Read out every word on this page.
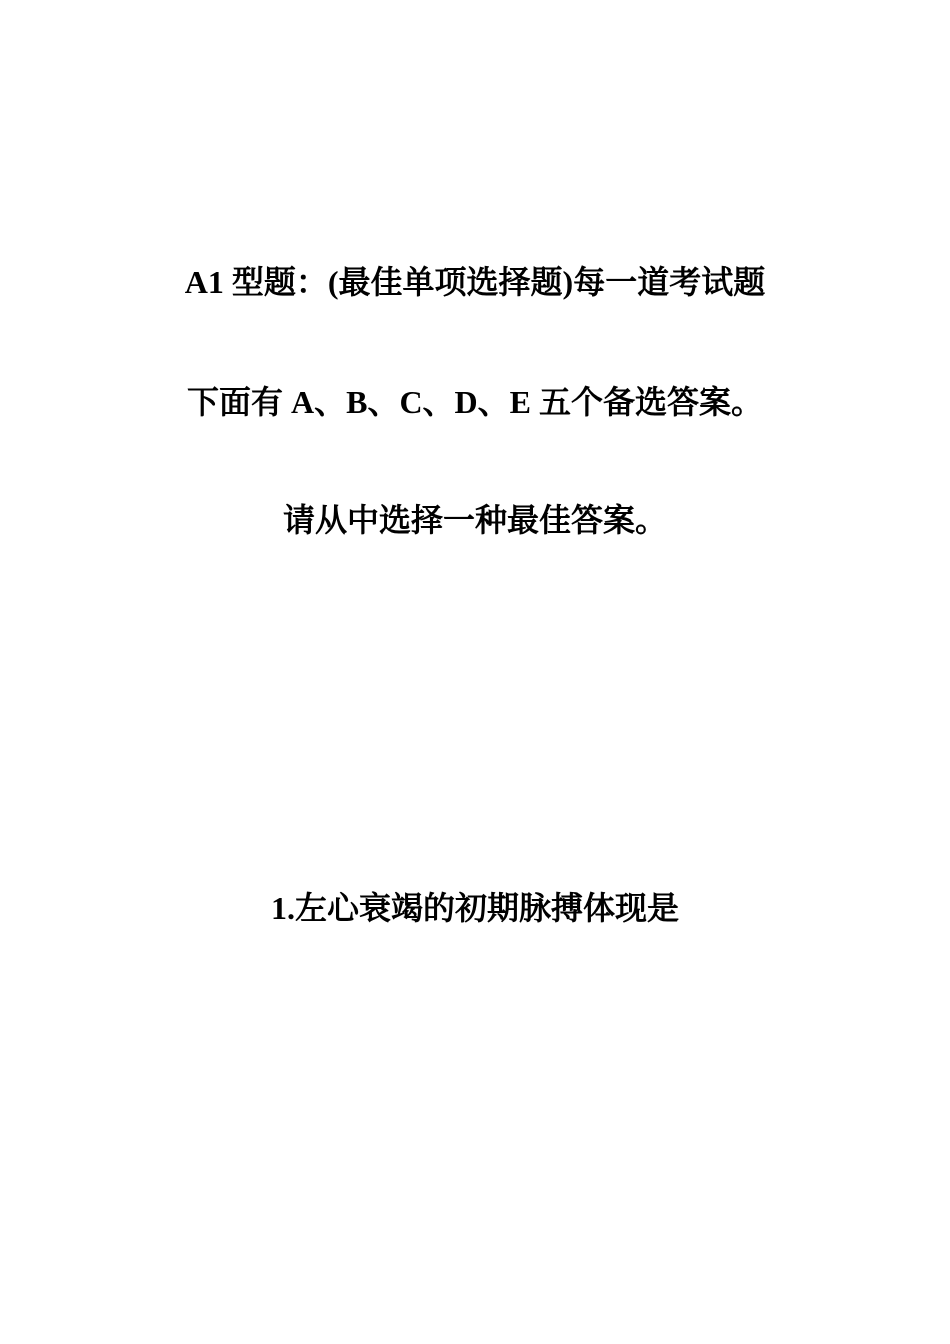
A1 型题：(最佳单项选择题)每一道考试题
下面有 A、B、C、D、E 五个备选答案。
请从中选择一种最佳答案。
1.左心衰竭的初期脉搏体现是
